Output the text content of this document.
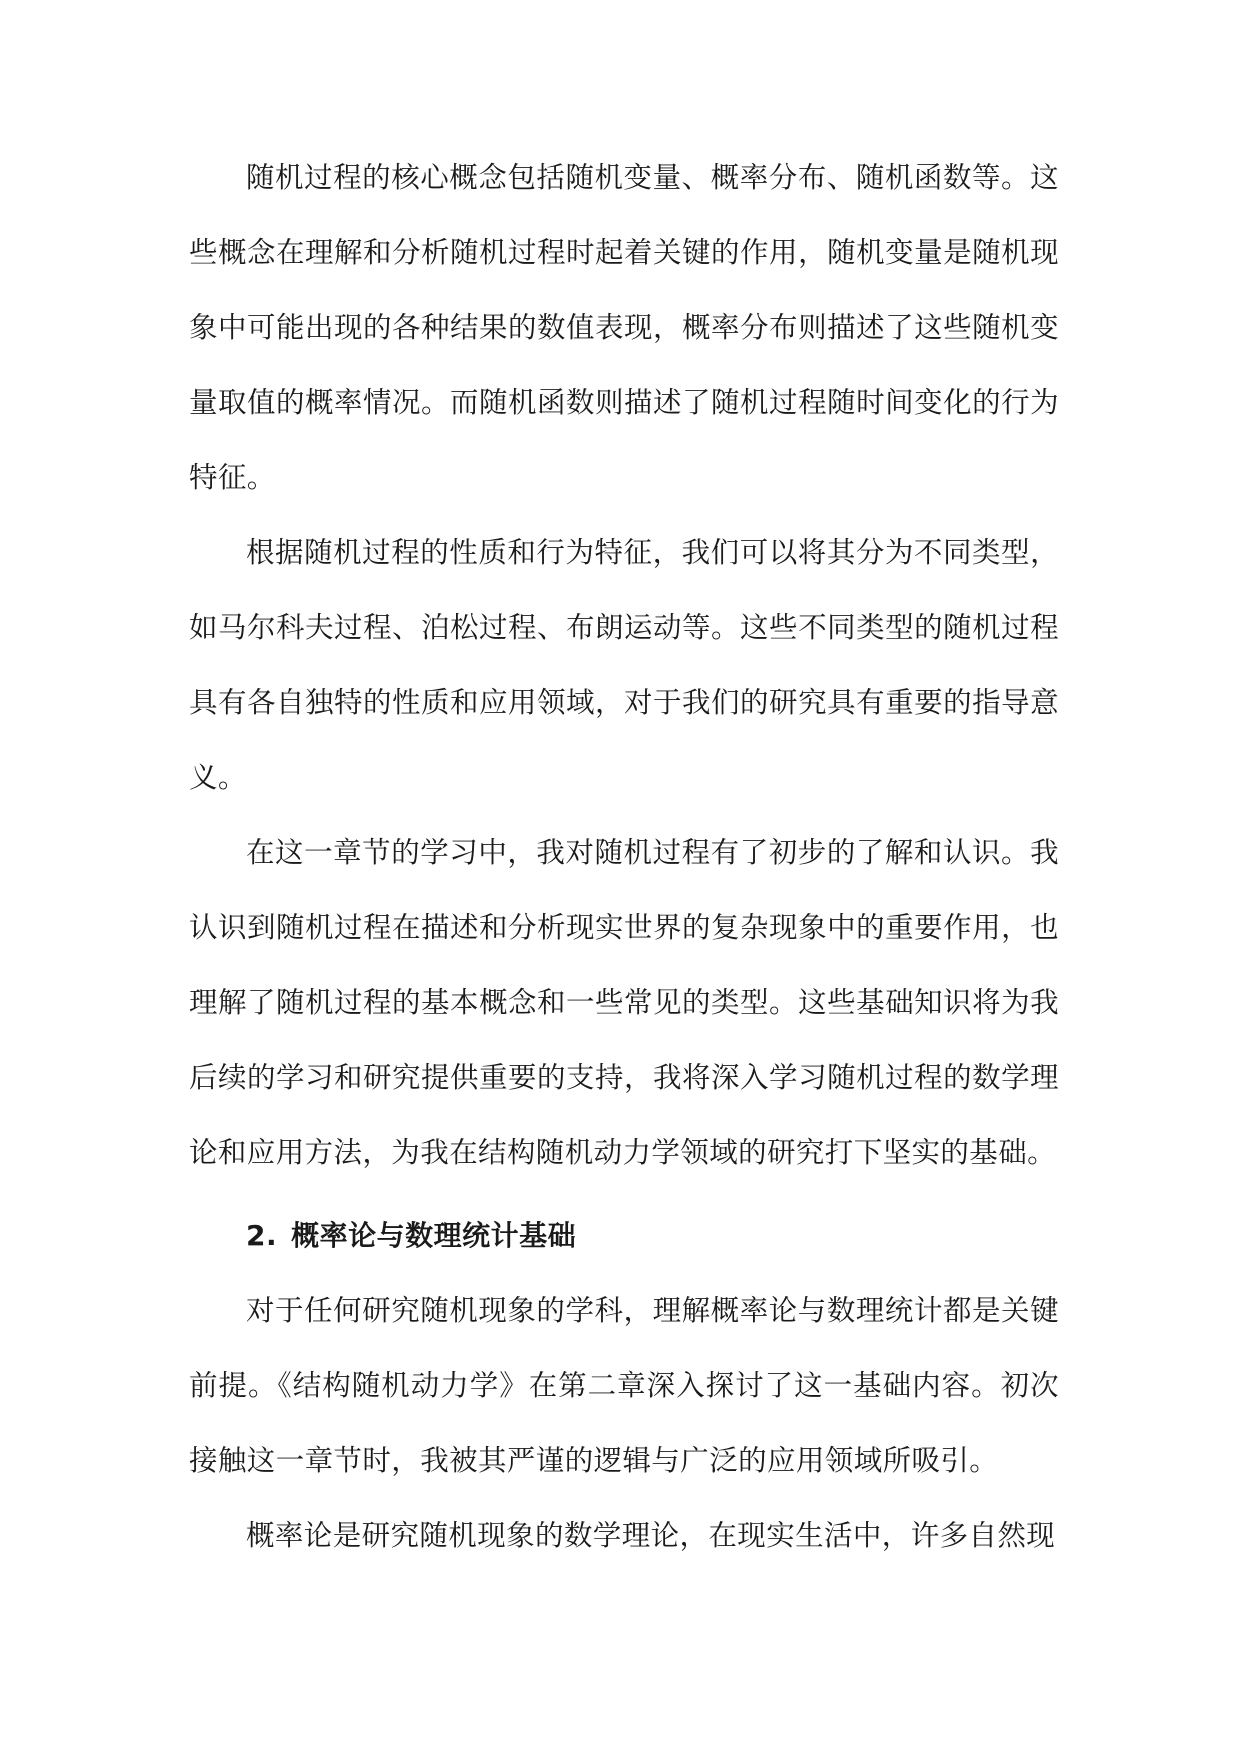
随机过程的核心概念包括随机变量、概率分布、随机函数等。这些概念在理解和分析随机过程时起着关键的作用，随机变量是随机现象中可能出现的各种结果的数值表现，概率分布则描述了这些随机变量取值的概率情况。而随机函数则描述了随机过程随时间变化的行为特征。

根据随机过程的性质和行为特征，我们可以将其分为不同类型，如马尔科夫过程、泊松过程、布朗运动等。这些不同类型的随机过程具有各自独特的性质和应用领域，对于我们的研究具有重要的指导意义。

在这一章节的学习中，我对随机过程有了初步的了解和认识。我认识到随机过程在描述和分析现实世界的复杂现象中的重要作用，也理解了随机过程的基本概念和一些常见的类型。这些基础知识将为我后续的学习和研究提供重要的支持，我将深入学习随机过程的数学理论和应用方法，为我在结构随机动力学领域的研究打下坚实的基础。

2. 概率论与数理统计基础

对于任何研究随机现象的学科，理解概率论与数理统计都是关键前提。《结构随机动力学》在第二章深入探讨了这一基础内容。初次接触这一章节时，我被其严谨的逻辑与广泛的应用领域所吸引。

概率论是研究随机现象的数学理论，在现实生活中，许多自然现
